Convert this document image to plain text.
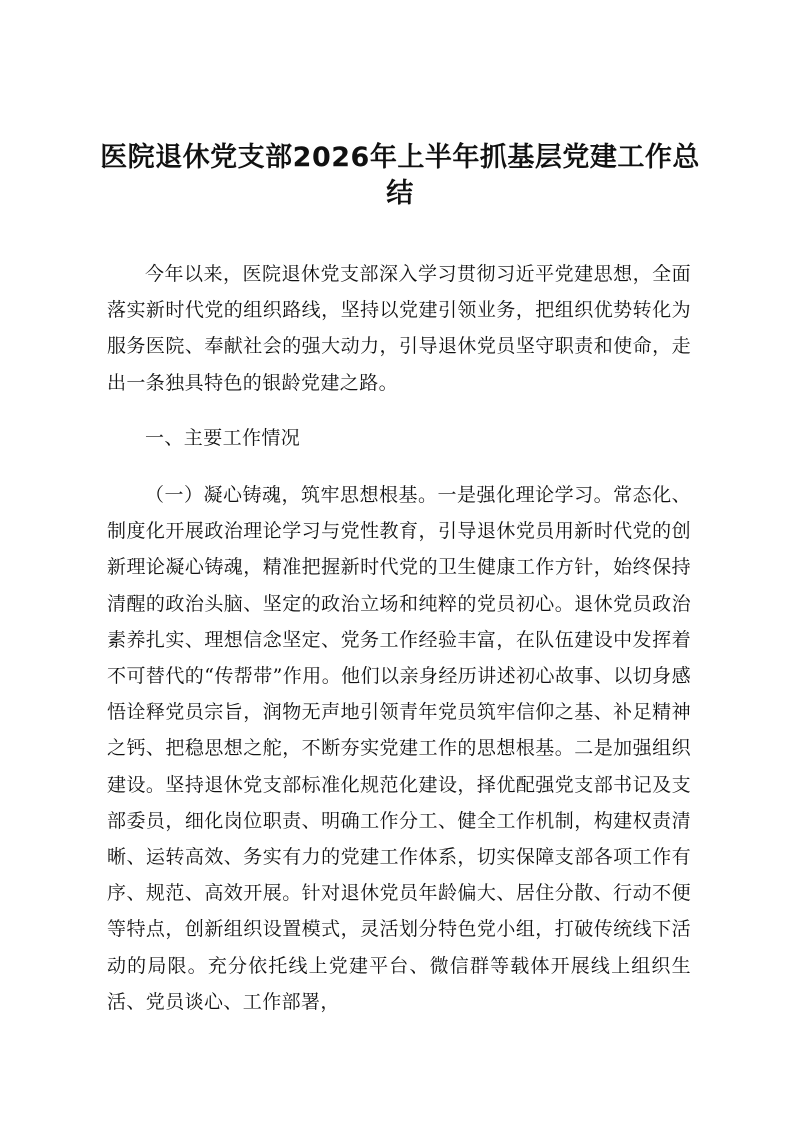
医院退休党支部2026年上半年抓基层党建工作总结

今年以来，医院退休党支部深入学习贯彻习近平党建思想，全面落实新时代党的组织路线，坚持以党建引领业务，把组织优势转化为服务医院、奉献社会的强大动力，引导退休党员坚守职责和使命，走出一条独具特色的银龄党建之路。

一、主要工作情况

（一）凝心铸魂，筑牢思想根基。一是强化理论学习。常态化、制度化开展政治理论学习与党性教育，引导退休党员用新时代党的创新理论凝心铸魂，精准把握新时代党的卫生健康工作方针，始终保持清醒的政治头脑、坚定的政治立场和纯粹的党员初心。退休党员政治素养扎实、理想信念坚定、党务工作经验丰富，在队伍建设中发挥着不可替代的“传帮带”作用。他们以亲身经历讲述初心故事、以切身感悟诠释党员宗旨，润物无声地引领青年党员筑牢信仰之基、补足精神之钙、把稳思想之舵，不断夯实党建工作的思想根基。二是加强组织建设。坚持退休党支部标准化规范化建设，择优配强党支部书记及支部委员，细化岗位职责、明确工作分工、健全工作机制，构建权责清晰、运转高效、务实有力的党建工作体系，切实保障支部各项工作有序、规范、高效开展。针对退休党员年龄偏大、居住分散、行动不便等特点，创新组织设置模式，灵活划分特色党小组，打破传统线下活动的局限。充分依托线上党建平台、微信群等载体开展线上组织生活、党员谈心、工作部署，
